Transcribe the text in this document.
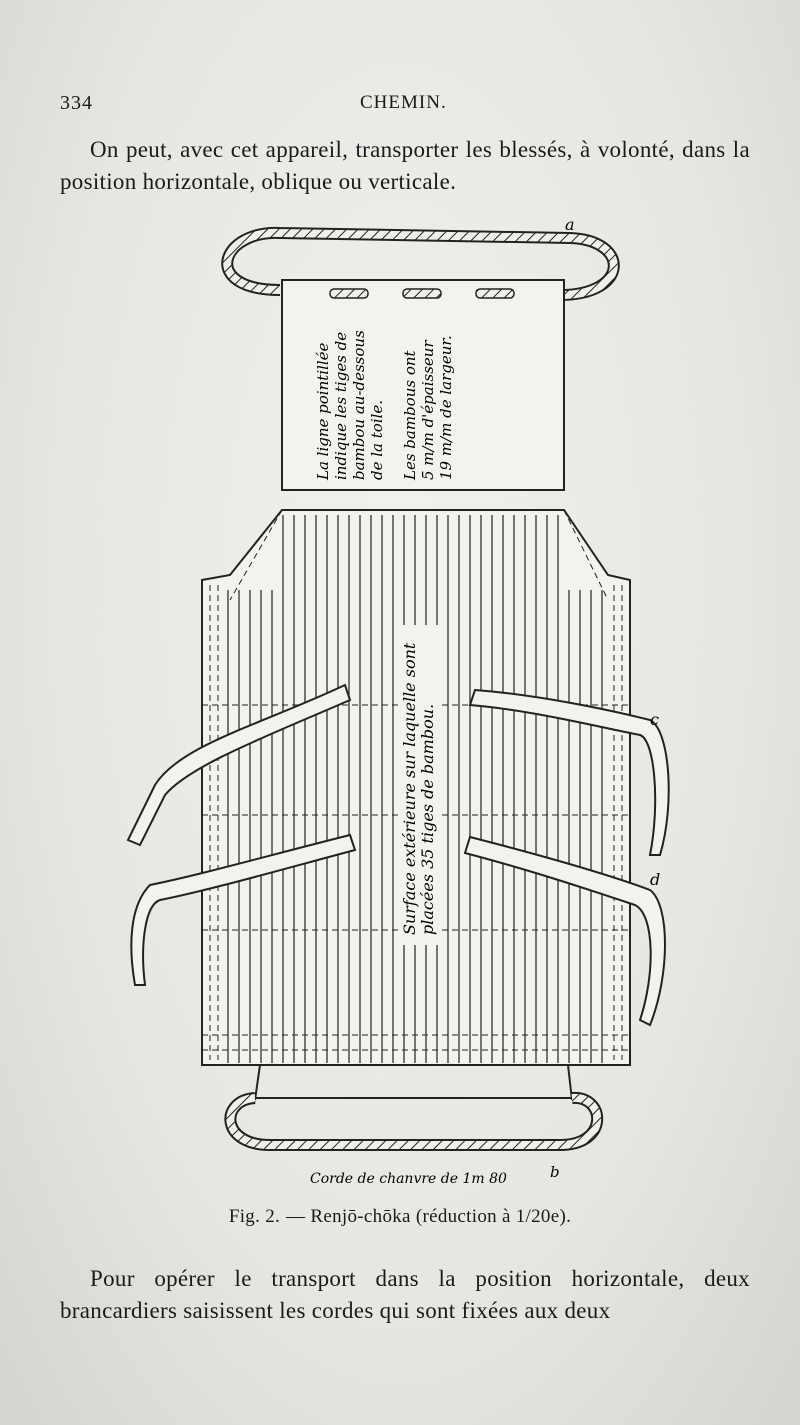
334	CHEMIN.
On peut, avec cet appareil, transporter les blessés, à volonté, dans la position horizontale, oblique ou verticale.
La ligne pointillée indique les tiges de bambou au-dessous de la toile. Les bambous ont 5 m/m d'épaisseur 19 m/m de largeur.
Surface extérieure sur laquelle sont placées 35 tiges de bambou.
a
c
d
b
Corde de chanvre de 1m 80
Fig. 2. — Renjō-chōka (réduction à 1/20e).
Pour opérer le transport dans la position horizontale, deux brancardiers saisissent les cordes qui sont fixées aux deux
